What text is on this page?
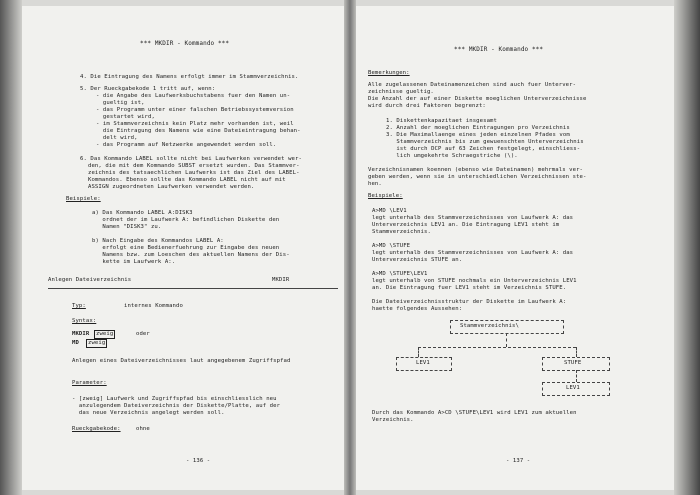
*** MKDIR - Kommando ***
4. Die Eintragung des Namens erfolgt immer im Stammverzeichnis.
5. Der Rueckgabekode 1 tritt auf, wenn:
- die Angabe des Laufwerksbuchstabens fuer den Namen un-
gueltig ist,
- das Programm unter einer falschen Betriebssystemversion
gestartet wird,
- im Stammverzeichnis kein Platz mehr vorhanden ist, weil
die Eintragung des Namens wie eine Dateieintragung behan-
delt wird,
- das Programm auf Netzwerke angewendet werden soll.
6. Das Kommando LABEL sollte nicht bei Laufwerken verwendet wer-
den, die mit dem Kommando SUBST ersetzt wurden. Das Stammver-
zeichnis des tatsaechlichen Laufwerks ist das Ziel des LABEL-
Kommandos. Ebenso sollte das Kommando LABEL nicht auf mit
ASSIGN zugeordneten Laufwerken verwendet werden.
Beispiele:
a) Das Kommando LABEL A:DISK3
ordnet der im Laufwerk A: befindlichen Diskette den
Namen "DISK3" zu.
b) Nach Eingabe des Kommandos LABEL A:
erfolgt eine Bedienerfuehrung zur Eingabe des neuen
Namens bzw. zum Loeschen des aktuellen Namens der Dis-
kette im Laufwerk A:.
Anlegen Dateiverzeichnis	MKDIR
Typ:	internes Kommando
Syntax:
MKDIR	zweig	oder
MD	zweig
Anlegen eines Dateiverzeichnisses laut angegebenem Zugriffspfad
Parameter:
- [zweig] Laufwerk und Zugriffspfad bis einschliesslich neu
anzulegendem Dateiverzeichnis der Diskette/Platte, auf der
das neue Verzeichnis angelegt werden soll.
Rueckgabekode:	ohne
- 136 -
*** MKDIR - Kommando ***
Bemerkungen:
Alle zugelassenen Dateinamenzeichen sind auch fuer Unterver-
zeichnisse gueltig.
Die Anzahl der auf einer Diskette moeglichen Unterverzeichnisse
wird durch drei Faktoren begrenzt:
1. Diskettenkapazitaet insgesamt
2. Anzahl der moeglichen Eintragungen pro Verzeichnis
3. Die Maximallaenge eines jeden einzelnen Pfades vom
Stammverzeichnis bis zum gewuenschten Unterverzeichnis
ist durch DCP auf 63 Zeichen festgelegt, einschliess-
lich umgekehrte Schraegstriche (\).
Verzeichnisnamen koennen (ebenso wie Dateinamen) mehrmals ver-
geben werden, wenn sie in unterschiedlichen Verzeichnissen ste-
hen.
Beispiele:
A>MD \LEV1
legt unterhalb des Stammverzeichnisses von Laufwerk A: das
Unterverzeichnis LEV1 an. Die Eintragung LEV1 steht im
Stammverzeichnis.
A>MD \STUFE
legt unterhalb des Stammverzeichnisses von Laufwerk A: das
Unterverzeichnis STUFE an.
A>MD \STUFE\LEV1
legt unterhalb von STUFE nochmals ein Unterverzeichnis LEV1
an. Die Eintragung fuer LEV1 steht im Verzeichnis STUFE.
Die Dateiverzeichnisstruktur der Diskette im Laufwerk A:
haette folgendes Aussehen:
Stammverzeichnis\
LEV1	STUFE
LEV1
Durch das Kommando A>CD \STUFE\LEV1 wird LEV1 zum aktuellen
Verzeichnis.
- 137 -
